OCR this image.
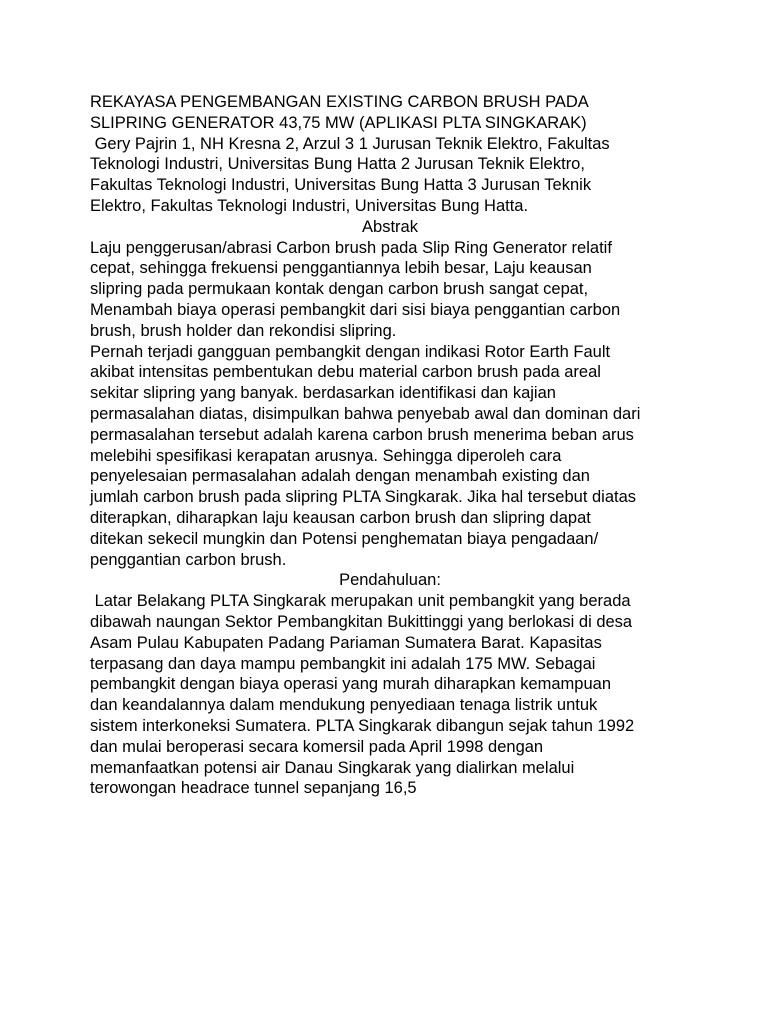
REKAYASA PENGEMBANGAN EXISTING CARBON BRUSH PADA
SLIPRING GENERATOR 43,75 MW (APLIKASI PLTA SINGKARAK)

Gery Pajrin 1, NH Kresna 2, Arzul 3 1 Jurusan Teknik Elektro, Fakultas
Teknologi Industri, Universitas Bung Hatta 2 Jurusan Teknik Elektro,
Fakultas Teknologi Industri, Universitas Bung Hatta 3 Jurusan Teknik
Elektro, Fakultas Teknologi Industri, Universitas Bung Hatta.

Abstrak

Laju penggerusan/abrasi Carbon brush pada Slip Ring Generator relatif
cepat, sehingga frekuensi penggantiannya lebih besar, Laju keausan
slipring pada permukaan kontak dengan carbon brush sangat cepat,
Menambah biaya operasi pembangkit dari sisi biaya penggantian carbon
brush, brush holder dan rekondisi slipring.

Pernah terjadi gangguan pembangkit dengan indikasi Rotor Earth Fault
akibat intensitas pembentukan debu material carbon brush pada areal
sekitar slipring yang banyak. berdasarkan identifikasi dan kajian
permasalahan diatas, disimpulkan bahwa penyebab awal dan dominan dari
permasalahan tersebut adalah karena carbon brush menerima beban arus
melebihi spesifikasi kerapatan arusnya. Sehingga diperoleh cara
penyelesaian permasalahan adalah dengan menambah existing dan
jumlah carbon brush pada slipring PLTA Singkarak. Jika hal tersebut diatas
diterapkan, diharapkan laju keausan carbon brush dan slipring dapat
ditekan sekecil mungkin dan Potensi penghematan biaya pengadaan/
penggantian carbon brush.

Pendahuluan:

Latar Belakang PLTA Singkarak merupakan unit pembangkit yang berada
dibawah naungan Sektor Pembangkitan Bukittinggi yang berlokasi di desa
Asam Pulau Kabupaten Padang Pariaman Sumatera Barat. Kapasitas
terpasang dan daya mampu pembangkit ini adalah 175 MW. Sebagai
pembangkit dengan biaya operasi yang murah diharapkan kemampuan
dan keandalannya dalam mendukung penyediaan tenaga listrik untuk
sistem interkoneksi Sumatera. PLTA Singkarak dibangun sejak tahun 1992
dan mulai beroperasi secara komersil pada April 1998 dengan
memanfaatkan potensi air Danau Singkarak yang dialirkan melalui
terowongan headrace tunnel sepanjang 16,5
